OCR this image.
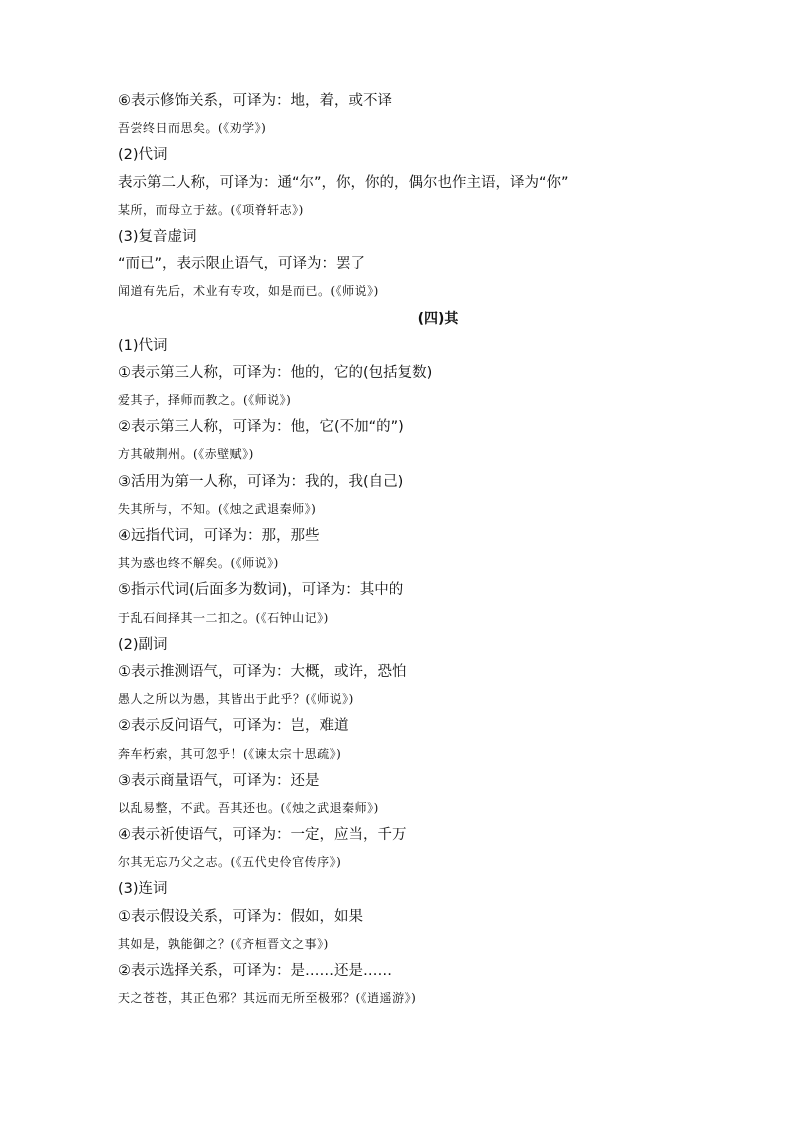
⑥表示修饰关系，可译为：地，着，或不译
吾尝终日而思矣。(《劝学》)
(2)代词
表示第二人称，可译为：通“尔”，你，你的，偶尔也作主语，译为“你”
某所，而母立于兹。(《项脊轩志》)
(3)复音虚词
“而已”，表示限止语气，可译为：罢了
闻道有先后，术业有专攻，如是而已。(《师说》)
(四)其
(1)代词
①表示第三人称，可译为：他的，它的(包括复数)
爱其子，择师而教之。(《师说》)
②表示第三人称，可译为：他，它(不加“的”)
方其破荆州。(《赤壁赋》)
③活用为第一人称，可译为：我的，我(自己)
失其所与，不知。(《烛之武退秦师》)
④远指代词，可译为：那，那些
其为惑也终不解矣。(《师说》)
⑤指示代词(后面多为数词)，可译为：其中的
于乱石间择其一二扣之。(《石钟山记》)
(2)副词
①表示推测语气，可译为：大概，或许，恐怕
愚人之所以为愚，其皆出于此乎？(《师说》)
②表示反问语气，可译为：岂，难道
奔车朽索，其可忽乎！(《谏太宗十思疏》)
③表示商量语气，可译为：还是
以乱易整，不武。吾其还也。(《烛之武退秦师》)
④表示祈使语气，可译为：一定，应当，千万
尔其无忘乃父之志。(《五代史伶官传序》)
(3)连词
①表示假设关系，可译为：假如，如果
其如是，孰能御之？(《齐桓晋文之事》)
②表示选择关系，可译为：是……还是……
天之苍苍，其正色邪？其远而无所至极邪？(《逍遥游》)
